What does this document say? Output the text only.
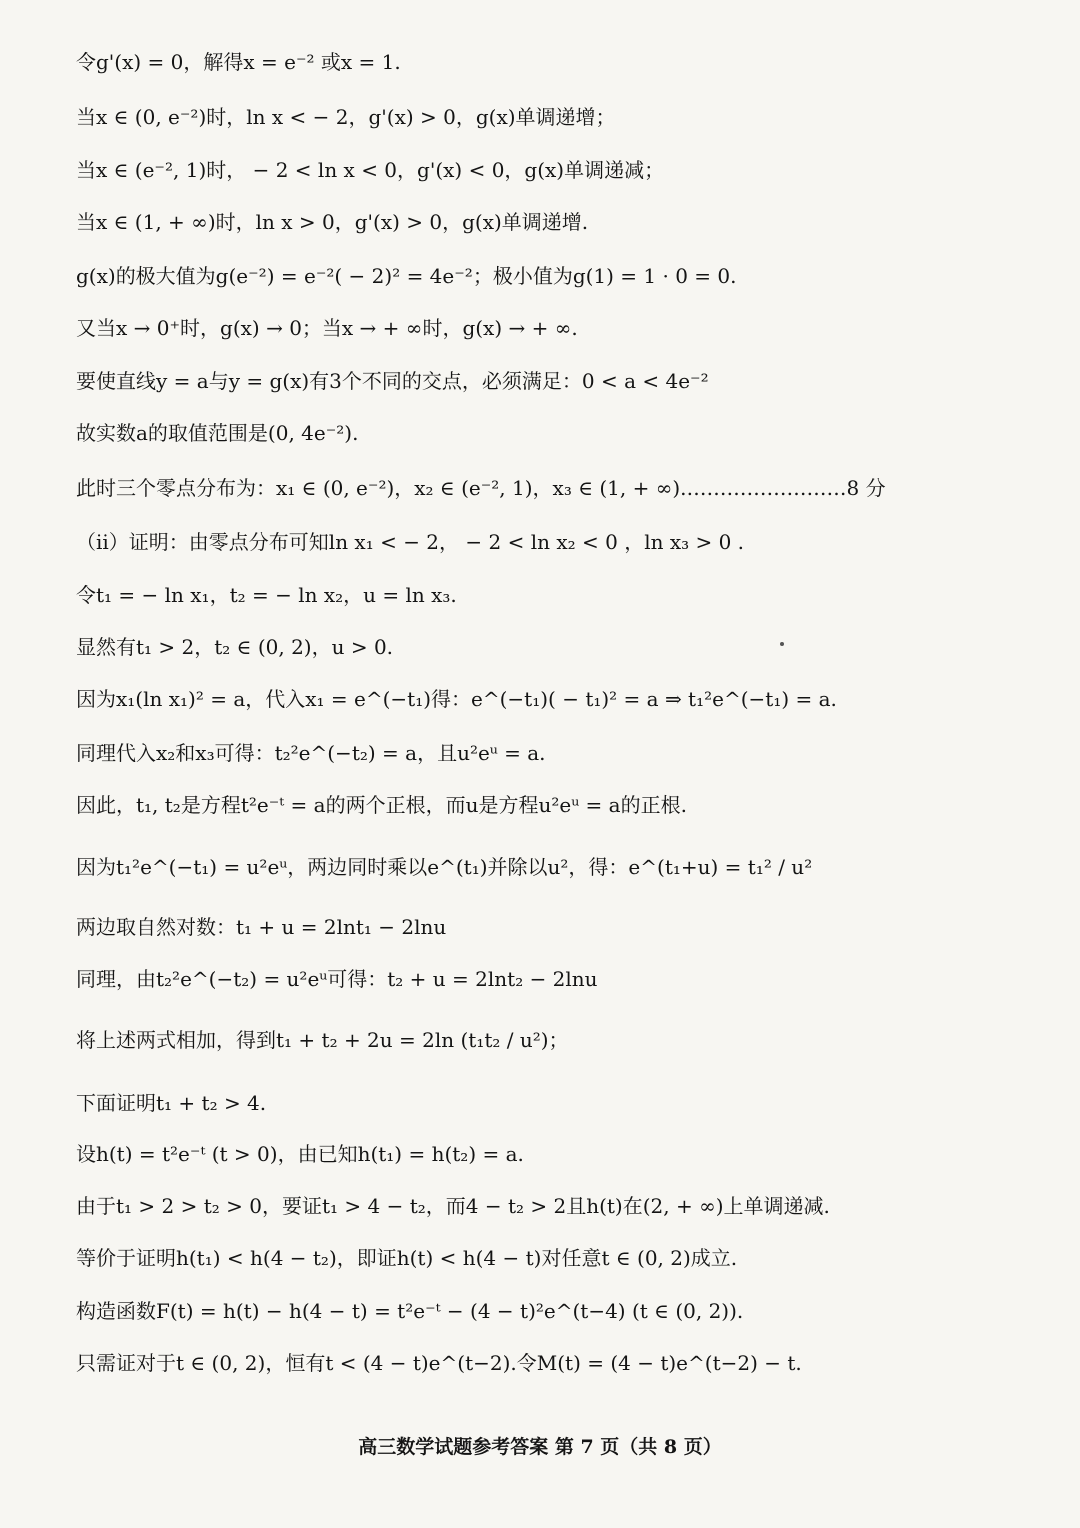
令g'(x) = 0，解得x = e⁻² 或x = 1.
当x ∈ (0, e⁻²)时，ln x < − 2，g'(x) > 0，g(x)单调递增；
当x ∈ (e⁻², 1)时， − 2 < ln x < 0，g'(x) < 0，g(x)单调递减；
当x ∈ (1, + ∞)时，ln x > 0，g'(x) > 0，g(x)单调递增.
g(x)的极大值为g(e⁻²) = e⁻²( − 2)² = 4e⁻²；极小值为g(1) = 1 · 0 = 0.
又当x → 0⁺时，g(x) → 0；当x → + ∞时，g(x) → + ∞.
要使直线y = a与y = g(x)有3个不同的交点，必须满足：0 < a < 4e⁻²
故实数a的取值范围是(0, 4e⁻²).
此时三个零点分布为：x₁ ∈ (0, e⁻²)，x₂ ∈ (e⁻², 1)，x₃ ∈ (1, + ∞).……………………8 分
（ii）证明：由零点分布可知ln x₁ < − 2， − 2 < ln x₂ < 0 ，ln x₃ > 0 .
令t₁ = − ln x₁，t₂ = − ln x₂，u = ln x₃.
显然有t₁ > 2，t₂ ∈ (0, 2)，u > 0.
因为x₁(ln x₁)² = a，代入x₁ = e^(−t₁)得：e^(−t₁)( − t₁)² = a ⇒ t₁²e^(−t₁) = a.
同理代入x₂和x₃可得：t₂²e^(−t₂) = a，且u²eᵘ = a.
因此，t₁, t₂是方程t²e⁻ᵗ = a的两个正根，而u是方程u²eᵘ = a的正根.
因为t₁²e^(−t₁) = u²eᵘ，两边同时乘以e^(t₁)并除以u²，得：e^(t₁+u) = t₁² / u²
两边取自然对数：t₁ + u = 2lnt₁ − 2lnu
同理，由t₂²e^(−t₂) = u²eᵘ可得：t₂ + u = 2lnt₂ − 2lnu
将上述两式相加，得到t₁ + t₂ + 2u = 2ln (t₁t₂ / u²)；
下面证明t₁ + t₂ > 4.
设h(t) = t²e⁻ᵗ (t > 0)，由已知h(t₁) = h(t₂) = a.
由于t₁ > 2 > t₂ > 0，要证t₁ > 4 − t₂，而4 − t₂ > 2且h(t)在(2, + ∞)上单调递减.
等价于证明h(t₁) < h(4 − t₂)，即证h(t) < h(4 − t)对任意t ∈ (0, 2)成立.
构造函数F(t) = h(t) − h(4 − t) = t²e⁻ᵗ − (4 − t)²e^(t−4) (t ∈ (0, 2)).
只需证对于t ∈ (0, 2)，恒有t < (4 − t)e^(t−2).令M(t) = (4 − t)e^(t−2) − t.
高三数学试题参考答案 第 7 页（共 8 页）
